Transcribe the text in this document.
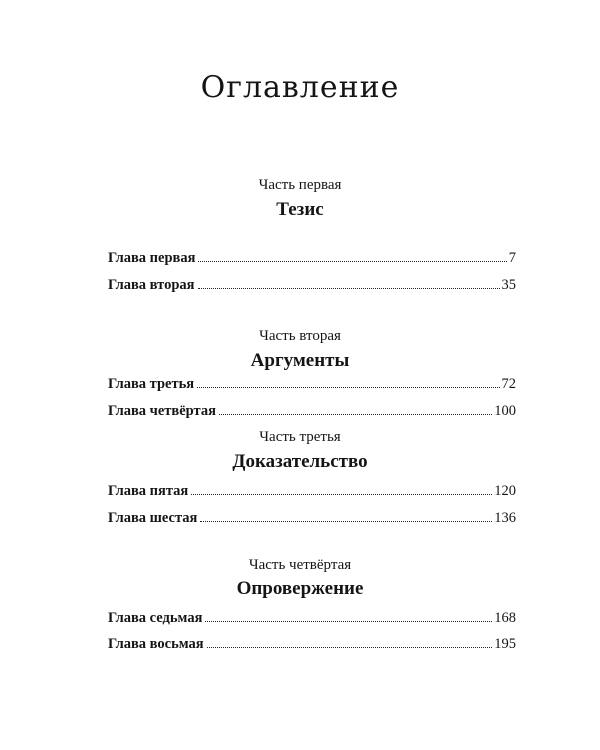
Оглавление
Часть первая
Тезис
Глава первая	7
Глава вторая	35
Часть вторая
Аргументы
Глава третья	72
Глава четвёртая	100
Часть третья
Доказательство
Глава пятая	120
Глава шестая	136
Часть четвёртая
Опровержение
Глава седьмая	168
Глава восьмая	195
